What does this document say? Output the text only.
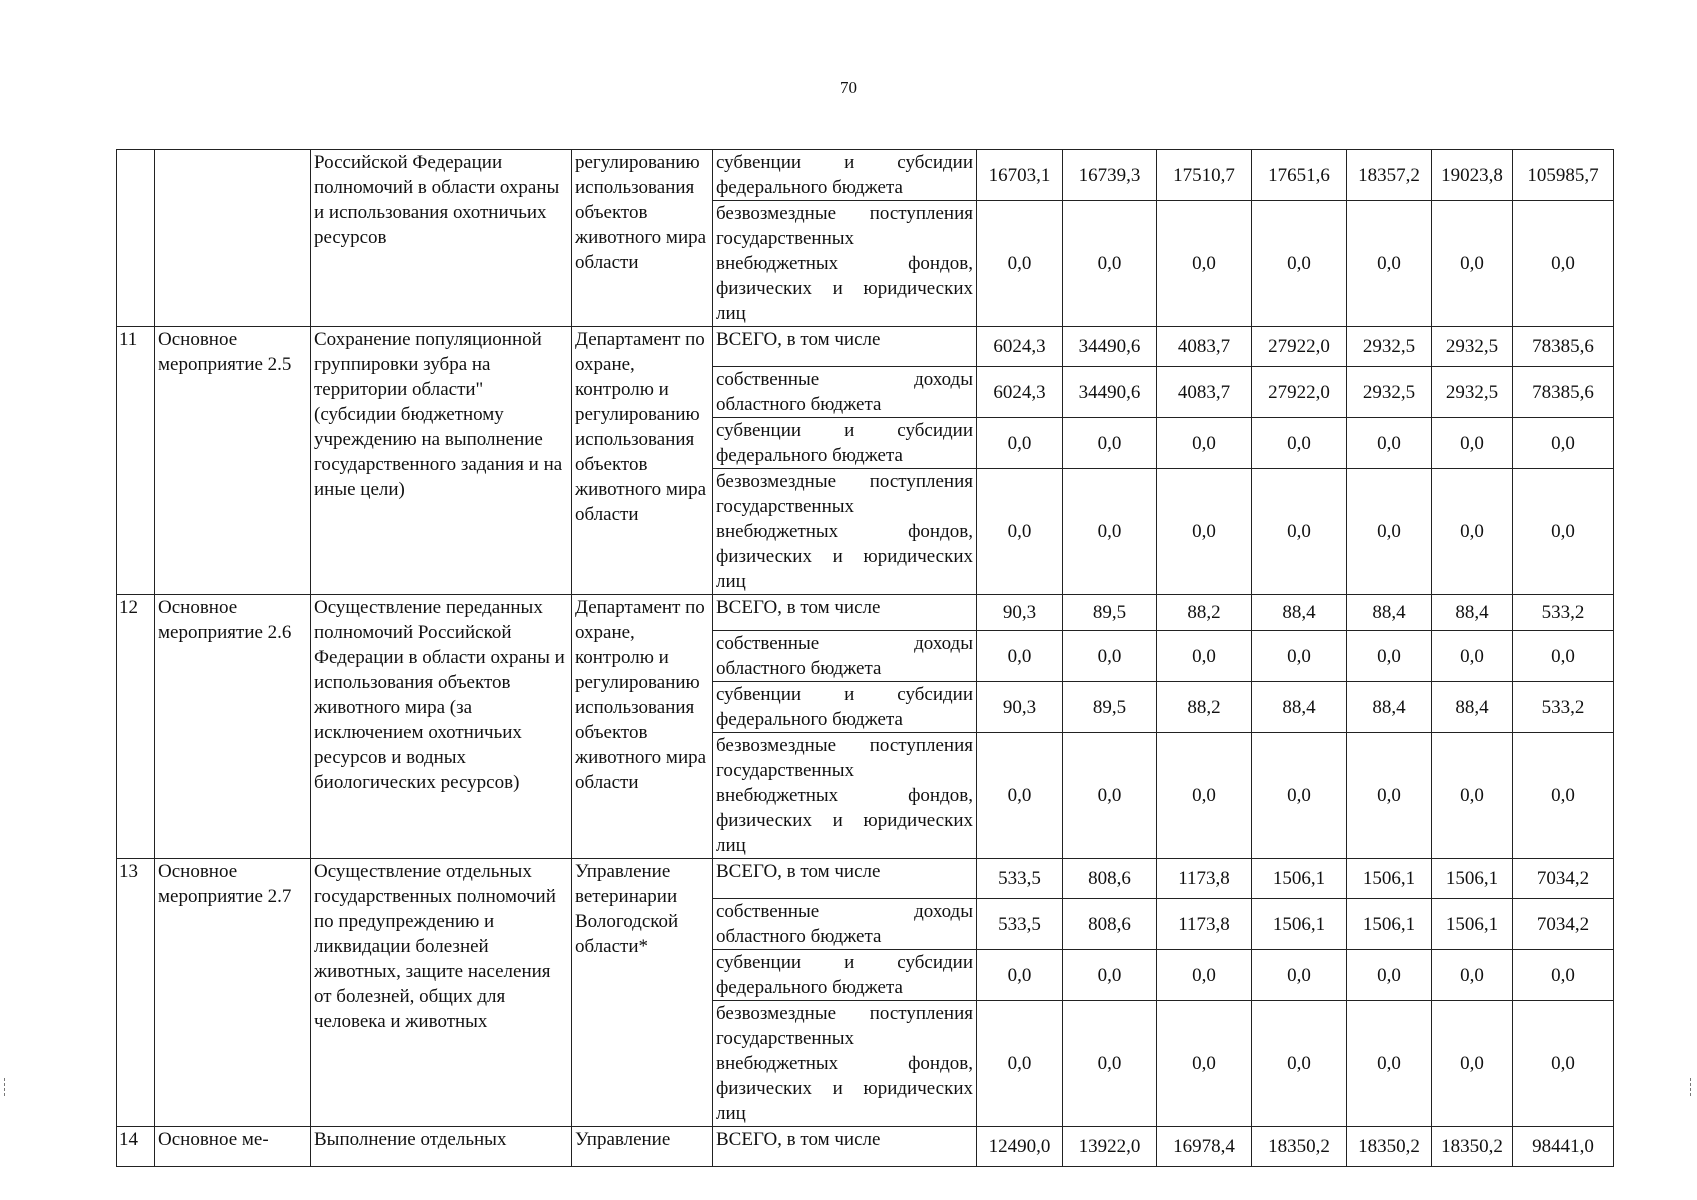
70
		Российской Федерации полномочий в области охраны и использования охотничьих ресурсов	регулированию использования объектов животного мира области	субвенции и субсидии федерального бюджета	16703,1	16739,3	17510,7	17651,6	18357,2	19023,8	105985,7
				безвозмездные поступления государственных внебюджетных фондов, физических и юридических лиц	0,0	0,0	0,0	0,0	0,0	0,0	0,0
11	Основное мероприятие 2.5	Сохранение популяционной группировки зубра на территории области" (субсидии бюджетному учреждению на выполнение государственного задания и на иные цели)	Департамент по охране, контролю и регулированию использования объектов животного мира области	ВСЕГО, в том числе	6024,3	34490,6	4083,7	27922,0	2932,5	2932,5	78385,6
				собственные доходы областного бюджета	6024,3	34490,6	4083,7	27922,0	2932,5	2932,5	78385,6
				субвенции и субсидии федерального бюджета	0,0	0,0	0,0	0,0	0,0	0,0	0,0
				безвозмездные поступления государственных внебюджетных фондов, физических и юридических лиц	0,0	0,0	0,0	0,0	0,0	0,0	0,0
12	Основное мероприятие 2.6	Осуществление переданных полномочий Российской Федерации в области охраны и использования объектов животного мира (за исключением охотничьих ресурсов и водных биологических ресурсов)	Департамент по охране, контролю и регулированию использования объектов животного мира области	ВСЕГО, в том числе	90,3	89,5	88,2	88,4	88,4	88,4	533,2
				собственные доходы областного бюджета	0,0	0,0	0,0	0,0	0,0	0,0	0,0
				субвенции и субсидии федерального бюджета	90,3	89,5	88,2	88,4	88,4	88,4	533,2
				безвозмездные поступления государственных внебюджетных фондов, физических и юридических лиц	0,0	0,0	0,0	0,0	0,0	0,0	0,0
13	Основное мероприятие 2.7	Осуществление отдельных государственных полномочий по предупреждению и ликвидации болезней животных, защите населения от болезней, общих для человека и животных	Управление ветеринарии Вологодской области*	ВСЕГО, в том числе	533,5	808,6	1173,8	1506,1	1506,1	1506,1	7034,2
				собственные доходы областного бюджета	533,5	808,6	1173,8	1506,1	1506,1	1506,1	7034,2
				субвенции и субсидии федерального бюджета	0,0	0,0	0,0	0,0	0,0	0,0	0,0
				безвозмездные поступления государственных внебюджетных фондов, физических и юридических лиц	0,0	0,0	0,0	0,0	0,0	0,0	0,0
14	Основное ме-	Выполнение отдельных	Управление	ВСЕГО, в том числе	12490,0	13922,0	16978,4	18350,2	18350,2	18350,2	98441,0
